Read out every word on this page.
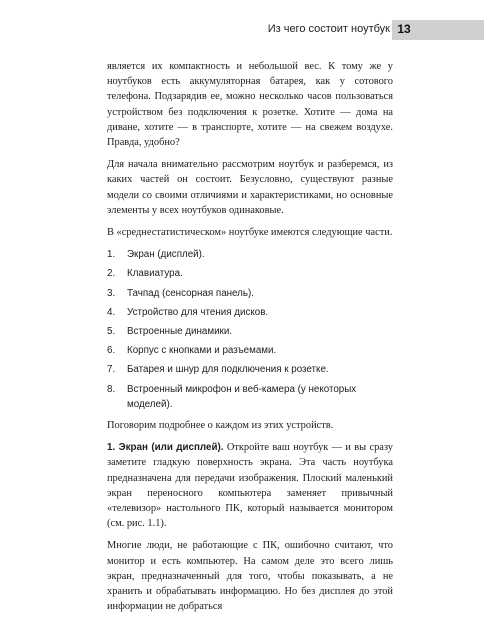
Из чего состоит ноутбук 13

является их компактность и небольшой вес. К тому же у ноутбуков есть аккумуляторная батарея, как у сотового телефона. Подзарядив ее, можно несколько часов пользоваться устройством без подключения к розетке. Хотите — дома на диване, хотите — в транспорте, хотите — на свежем воздухе. Правда, удобно?

Для начала внимательно рассмотрим ноутбук и разберемся, из каких частей он состоит. Безусловно, существуют разные модели со своими отличиями и характеристиками, но основные элементы у всех ноутбуков одинаковые.

В «среднестатистическом» ноутбуке имеются следующие части.

1.	Экран (дисплей).
2.	Клавиатура.
3.	Тачпад (сенсорная панель).
4.	Устройство для чтения дисков.
5.	Встроенные динамики.
6.	Корпус с кнопками и разъемами.
7.	Батарея и шнур для подключения к розетке.
8.	Встроенный микрофон и веб-камера (у некоторых моделей).

Поговорим подробнее о каждом из этих устройств.

1. Экран (или дисплей). Откройте ваш ноутбук — и вы сразу заметите гладкую поверхность экрана. Эта часть ноутбука предназначена для передачи изображения. Плоский маленький экран переносного компьютера заменяет привычный «телевизор» настольного ПК, который называется монитором (см. рис. 1.1).

Многие люди, не работающие с ПК, ошибочно считают, что монитор и есть компьютер. На самом деле это всего лишь экран, предназначенный для того, чтобы показывать, а не хранить и обрабатывать информацию. Но без дисплея до этой информации не добраться
